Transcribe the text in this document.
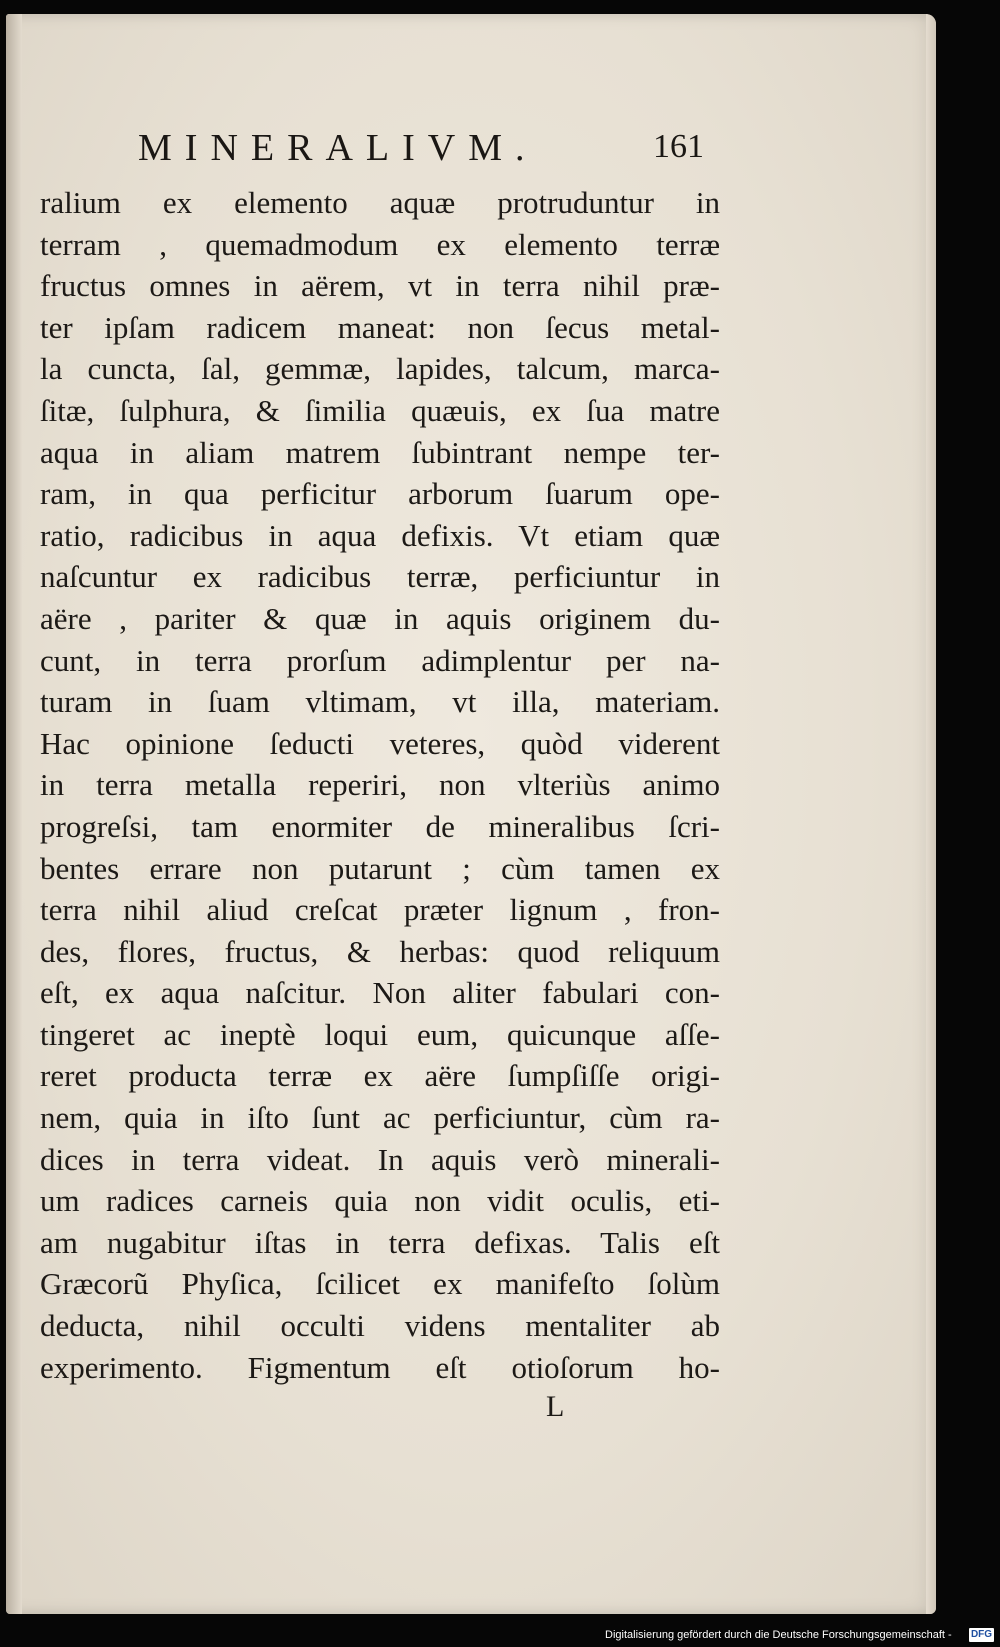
MINERALIVM.	161
ralium ex elemento aquæ protruduntur in
terram , quemadmodum ex elemento terræ
fructus omnes in aërem, vt in terra nihil præ-
ter ipſam radicem maneat: non ſecus metal-
la cuncta, ſal, gemmæ, lapides, talcum, marca-
ſitæ, ſulphura, & ſimilia quæuis, ex ſua matre
aqua in aliam matrem ſubintrant nempe ter-
ram, in qua perficitur arborum ſuarum ope-
ratio, radicibus in aqua defixis. Vt etiam quæ
naſcuntur ex radicibus terræ, perficiuntur in
aëre , pariter & quæ in aquis originem du-
cunt, in terra prorſum adimplentur per na-
turam in ſuam vltimam, vt illa, materiam.
Hac opinione ſeducti veteres, quòd viderent
in terra metalla reperiri, non vlteriùs animo
progreſsi, tam enormiter de mineralibus ſcri-
bentes errare non putarunt ; cùm tamen ex
terra nihil aliud creſcat præter lignum , fron-
des, flores, fructus, & herbas: quod reliquum
eſt, ex aqua naſcitur. Non aliter fabulari con-
tingeret ac ineptè loqui eum, quicunque aſſe-
reret producta terræ ex aëre ſumpſiſſe origi-
nem, quia in iſto ſunt ac perficiuntur, cùm ra-
dices in terra videat. In aquis verò minerali-
um radices carneis quia non vidit oculis, eti-
am nugabitur iſtas in terra defixas. Talis eſt
Græcorũ Phyſica, ſcilicet ex manifeſto ſolùm
deducta, nihil occulti videns mentaliter ab
experimento. Figmentum eſt otioſorum ho-
L
Digitalisierung gefördert durch die Deutsche Forschungsgemeinschaft - DFG
